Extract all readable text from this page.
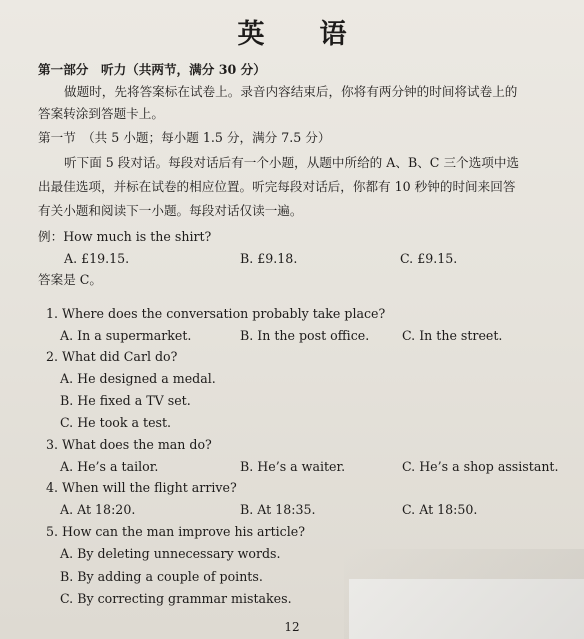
英　语
第一部分　听力（共两节，满分 30 分）
做题时，先将答案标在试卷上。录音内容结束后，你将有两分钟的时间将试卷上的
答案转涂到答题卡上。
第一节　（共 5 小题；每小题 1.5 分，满分 7.5 分）
听下面 5 段对话。每段对话后有一个小题，从题中所给的 A、B、C 三个选项中选
出最佳选项，并标在试卷的相应位置。听完每段对话后，你都有 10 秒钟的时间来回答
有关小题和阅读下一小题。每段对话仅读一遍。
例：How much is the shirt?
A. £19.15.	B. £9.18.	C. £9.15.
答案是 C。
1. Where does the conversation probably take place?
A. In a supermarket.	B. In the post office.	C. In the street.
2. What did Carl do?
A. He designed a medal.
B. He fixed a TV set.
C. He took a test.
3. What does the man do?
A. He’s a tailor.	B. He’s a waiter.	C. He’s a shop assistant.
4. When will the flight arrive?
A. At 18:20.	B. At 18:35.	C. At 18:50.
5. How can the man improve his article?
A. By deleting unnecessary words.
B. By adding a couple of points.
C. By correcting grammar mistakes.
12
